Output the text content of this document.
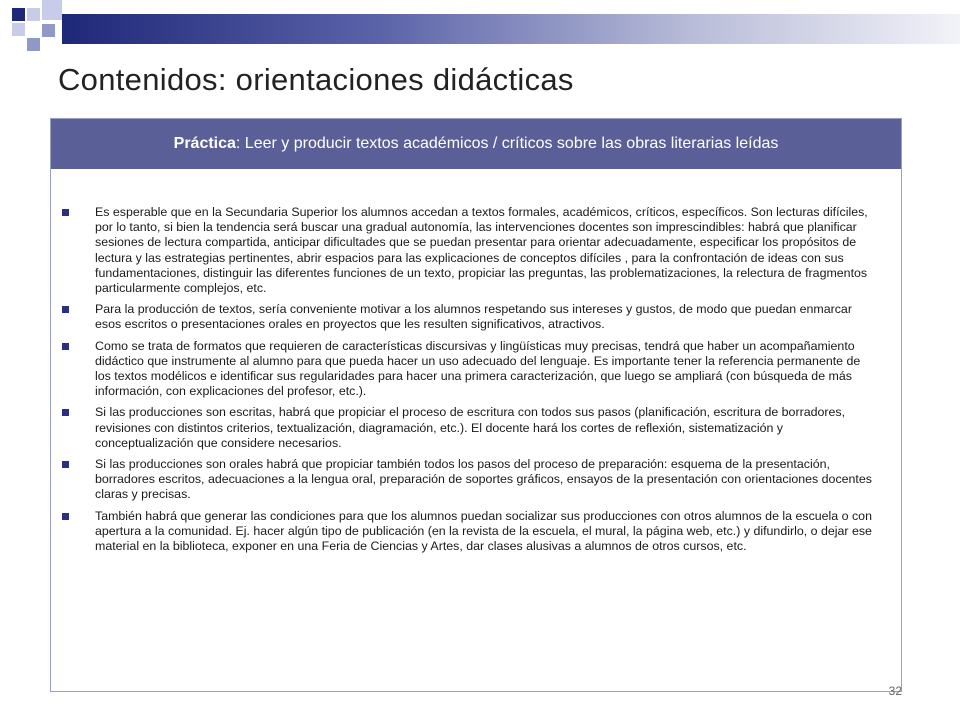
Contenidos: orientaciones didácticas
Práctica : Leer y producir textos académicos / críticos sobre las obras literarias leídas
Es esperable que en la Secundaria Superior los alumnos accedan a textos formales, académicos, críticos, específicos. Son lecturas difíciles, por lo tanto, si bien la tendencia será buscar una gradual autonomía, las intervenciones docentes son imprescindibles: habrá que planificar sesiones de lectura compartida, anticipar dificultades que se puedan presentar para orientar adecuadamente, especificar los propósitos de lectura y las estrategias pertinentes, abrir espacios para las explicaciones de conceptos difíciles , para la confrontación de ideas con sus fundamentaciones, distinguir las diferentes funciones de un texto, propiciar las preguntas, las problematizaciones, la relectura de fragmentos particularmente complejos, etc.
Para la producción de textos, sería conveniente motivar a los alumnos respetando sus intereses y gustos, de modo que puedan enmarcar esos escritos o presentaciones orales en proyectos que les resulten significativos, atractivos.
Como se trata de formatos que requieren de características discursivas y lingüísticas muy precisas, tendrá que haber un acompañamiento didáctico que instrumente al alumno para que pueda hacer un uso adecuado del lenguaje. Es importante tener la referencia permanente de los textos modélicos e identificar sus regularidades para hacer una primera caracterización, que luego se ampliará (con búsqueda de más información, con explicaciones del profesor, etc.).
Si las producciones son escritas, habrá que propiciar el proceso de escritura con todos sus pasos (planificación, escritura de borradores, revisiones con distintos criterios, textualización, diagramación, etc.). El docente hará los cortes de reflexión, sistematización y conceptualización que considere necesarios.
Si las producciones son orales habrá que propiciar también todos los pasos del proceso de preparación: esquema de la presentación, borradores escritos, adecuaciones a la lengua oral, preparación de soportes gráficos, ensayos de la presentación con orientaciones docentes claras y precisas.
También habrá que generar las condiciones para que los alumnos puedan socializar sus producciones con otros alumnos de la escuela o con apertura a la comunidad. Ej. hacer algún tipo de publicación (en la revista de la escuela, el mural, la página web, etc.) y difundirlo, o dejar ese material en la biblioteca, exponer en una Feria de Ciencias y Artes, dar clases alusivas a alumnos de otros cursos, etc.
32
